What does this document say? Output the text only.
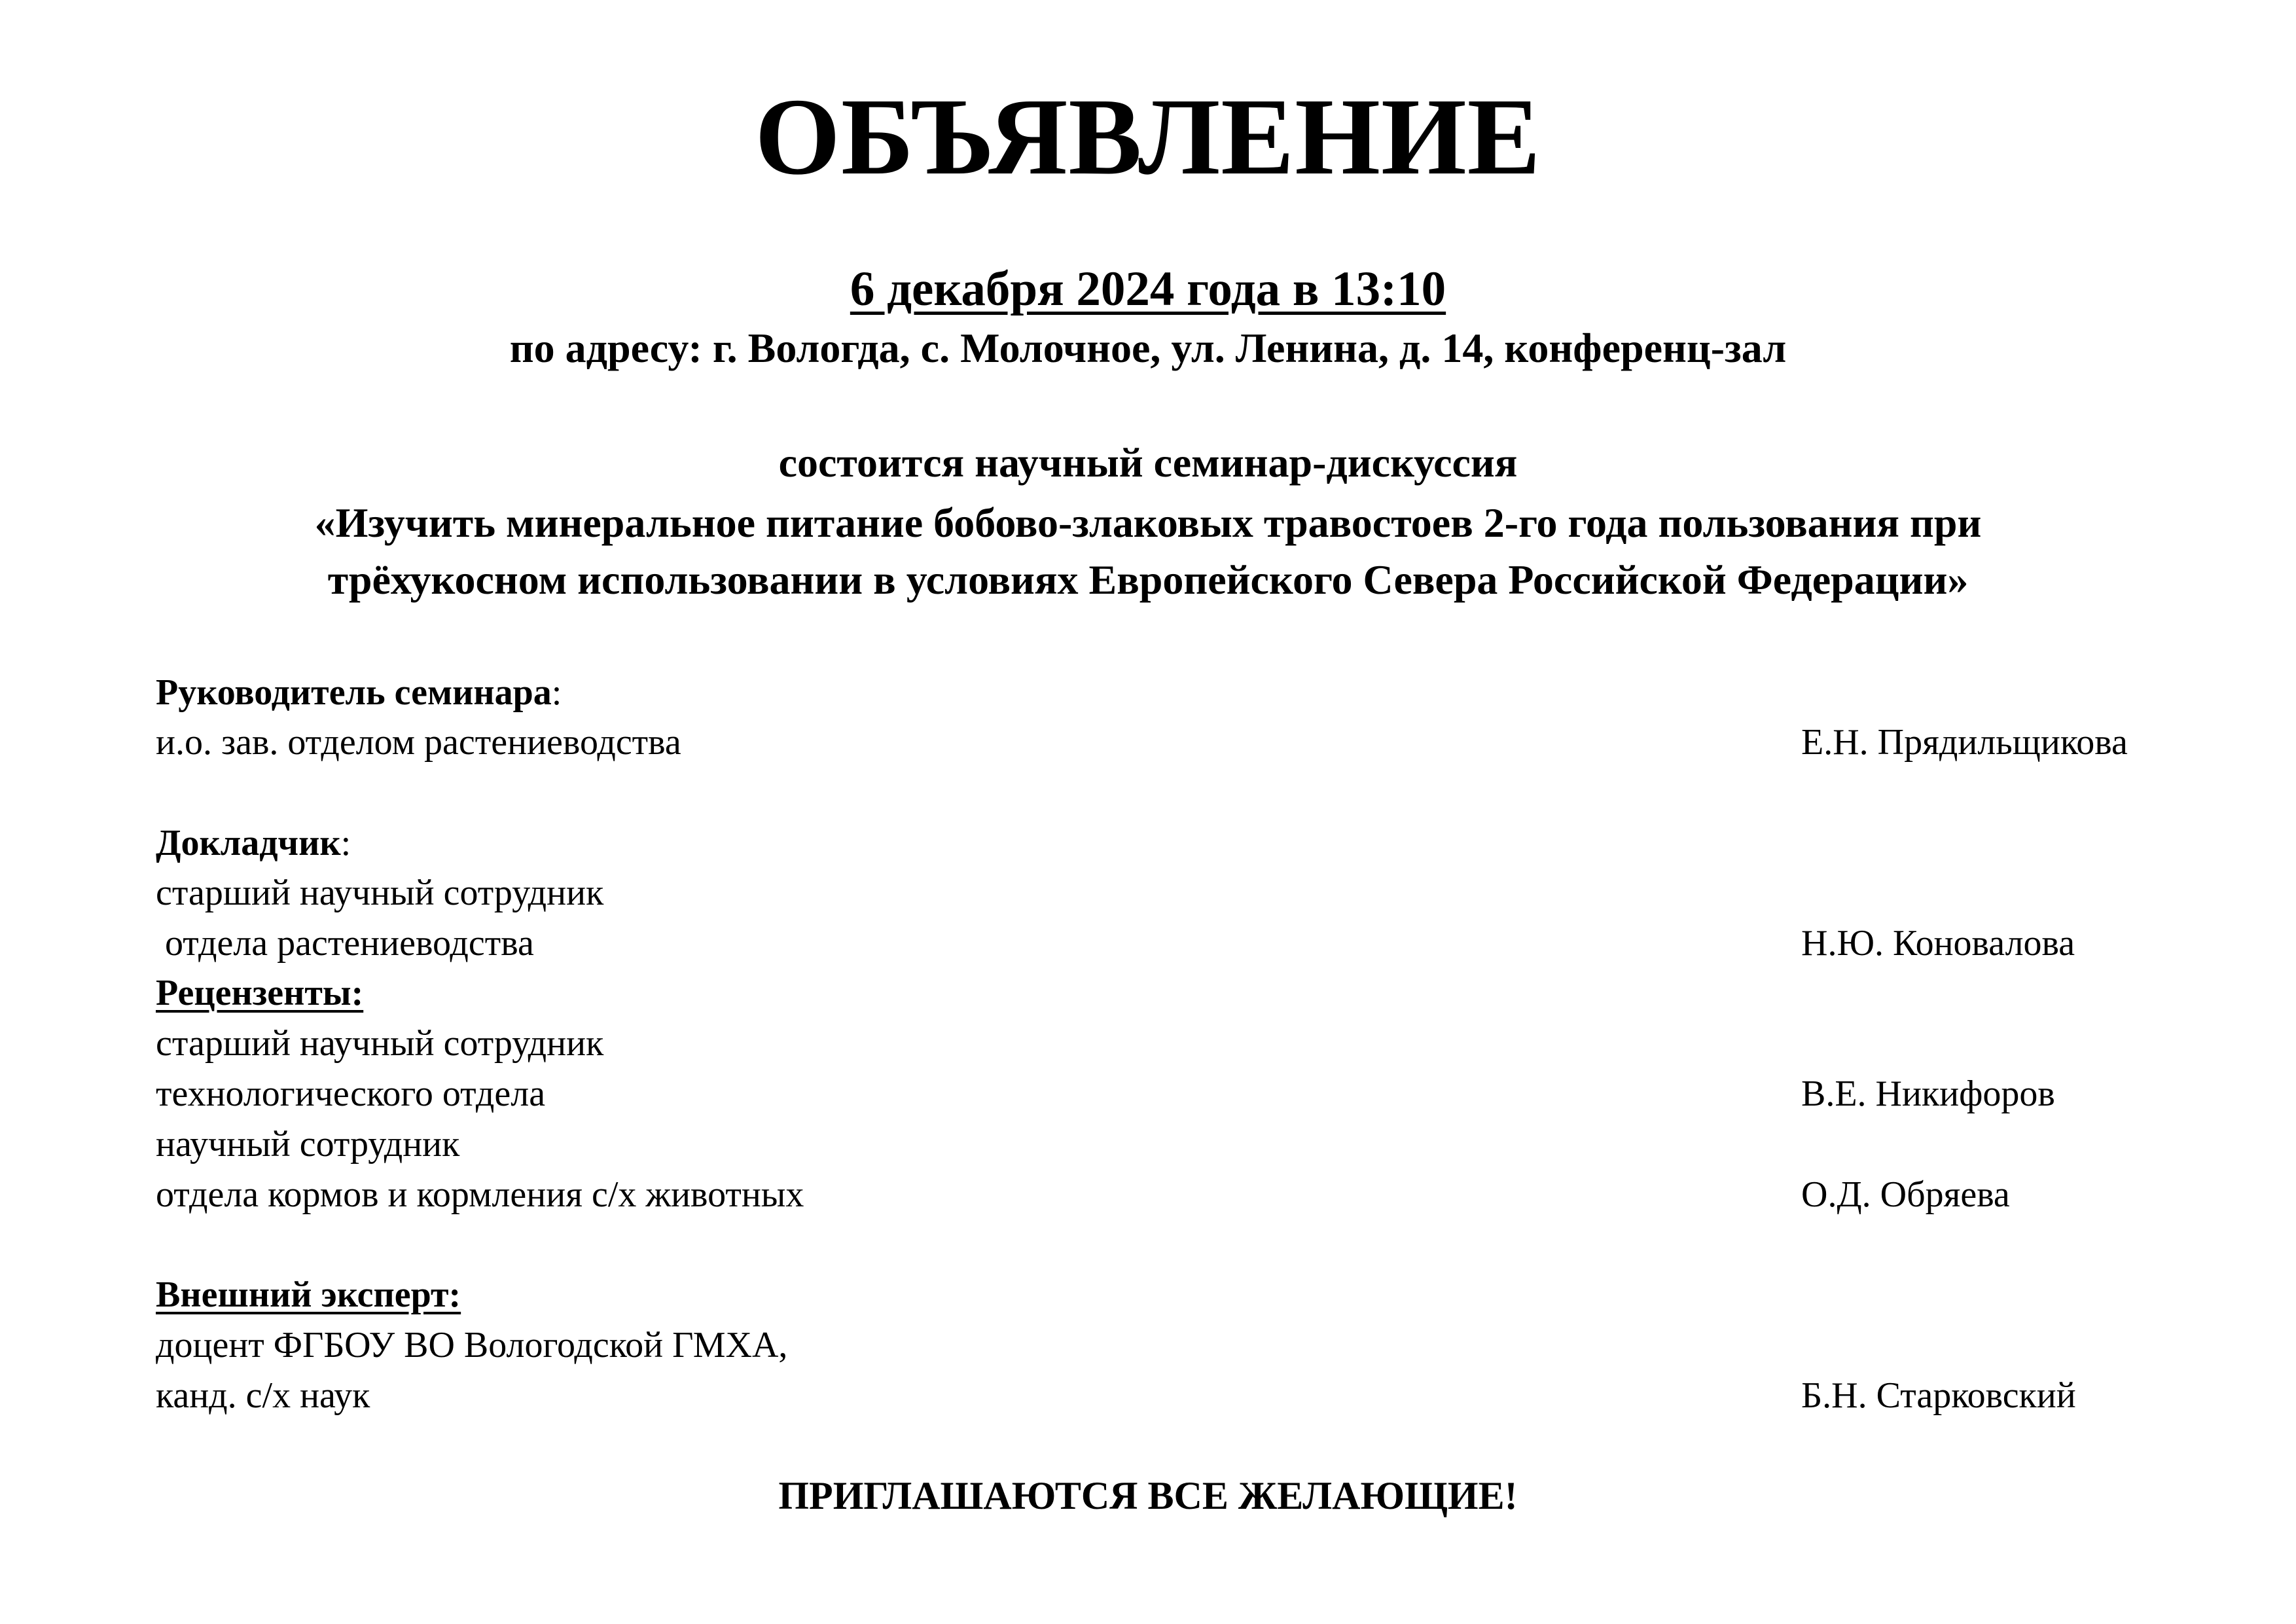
ОБЪЯВЛЕНИЕ
6 декабря 2024 года в 13:10
по адресу: г. Вологда, с. Молочное, ул. Ленина, д. 14, конференц-зал
состоится научный семинар-дискуссия
«Изучить минеральное питание бобово-злаковых травостоев 2-го года пользования при
трёхукосном использовании в условиях Европейского Севера Российской Федерации»
Руководитель семинара:
и.о. зав. отделом растениеводства	Е.Н. Прядильщикова
Докладчик:
старший научный сотрудник
отдела растениеводства	Н.Ю. Коновалова
Рецензенты:
старший научный сотрудник
технологического отдела	В.Е. Никифоров
научный сотрудник
отдела кормов и кормления с/х животных	О.Д. Обряева
Внешний эксперт:
доцент ФГБОУ ВО Вологодской ГМХА,
канд. с/х наук	Б.Н. Старковский
ПРИГЛАШАЮТСЯ ВСЕ ЖЕЛАЮЩИЕ!
